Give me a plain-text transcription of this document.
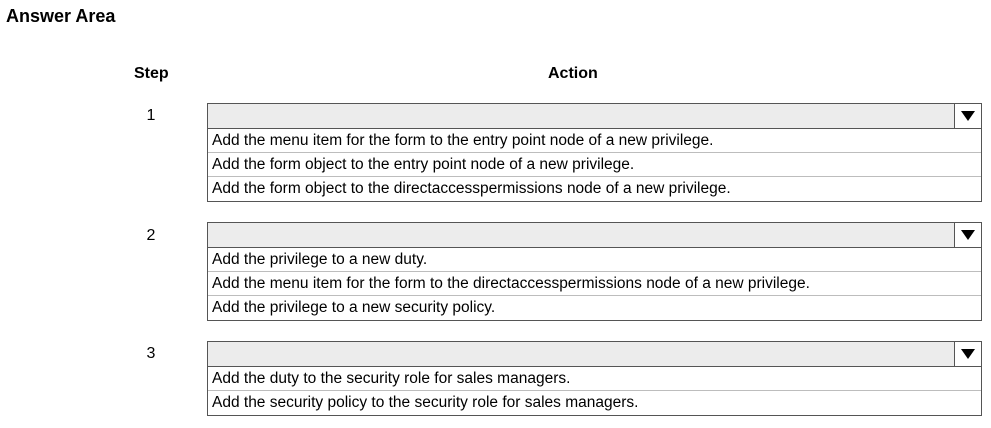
Answer Area
Step	Action
1
Add the menu item for the form to the entry point node of a new privilege.
Add the form object to the entry point node of a new privilege.
Add the form object to the directaccesspermissions node of a new privilege.
2
Add the privilege to a new duty.
Add the menu item for the form to the directaccesspermissions node of a new privilege.
Add the privilege to a new security policy.
3
Add the duty to the security role for sales managers.
Add the security policy to the security role for sales managers.
